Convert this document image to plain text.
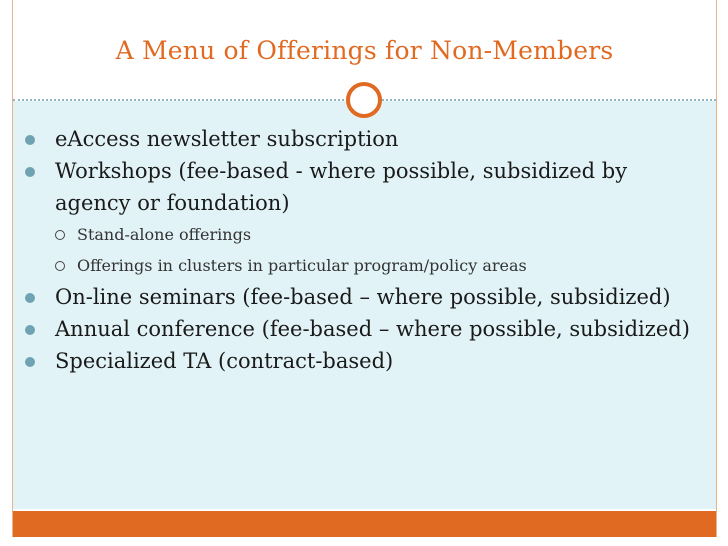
A Menu of Offerings for Non-Members
eAccess newsletter subscription
Workshops (fee-based - where possible, subsidized by agency or foundation)
Stand-alone offerings
Offerings in clusters in particular program/policy areas
On-line seminars (fee-based – where possible, subsidized)
Annual conference (fee-based – where possible, subsidized)
Specialized TA (contract-based)
